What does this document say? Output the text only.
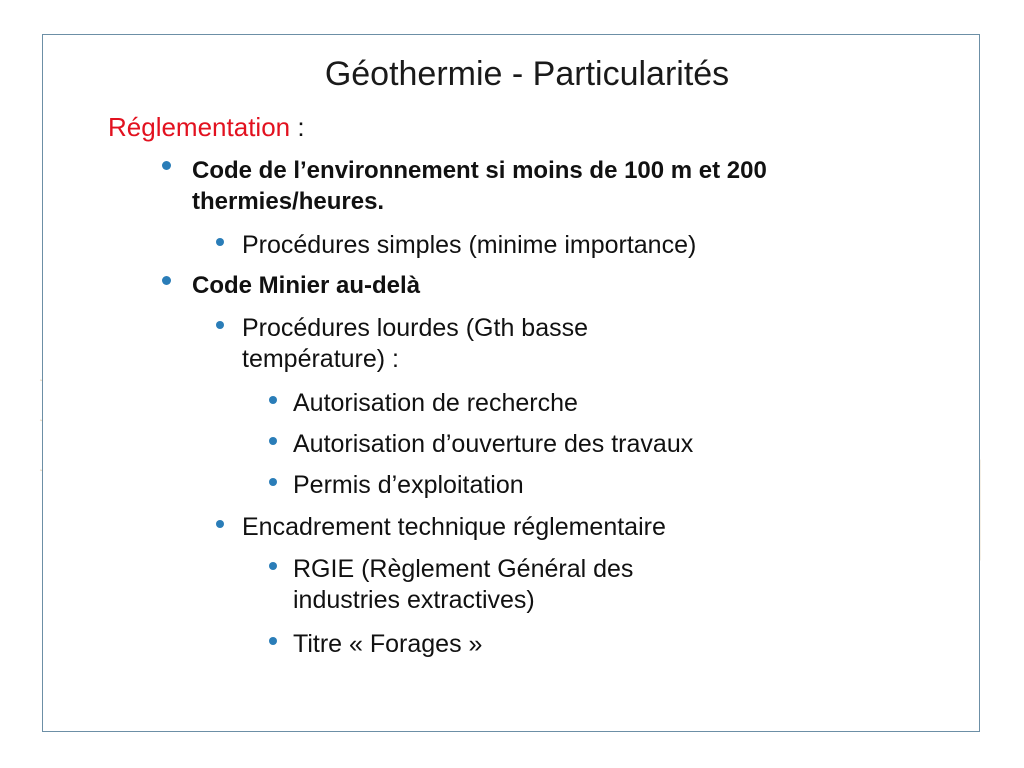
Géothermie - Particularités
Réglementation :
Code de l’environnement si moins de 100 m et 200 thermies/heures.
Procédures simples (minime importance)
Code Minier au-delà
Procédures lourdes (Gth basse température) :
Autorisation de recherche
Autorisation d’ouverture des travaux
Permis d’exploitation
Encadrement technique réglementaire
RGIE (Règlement Général des industries extractives)
Titre « Forages »
